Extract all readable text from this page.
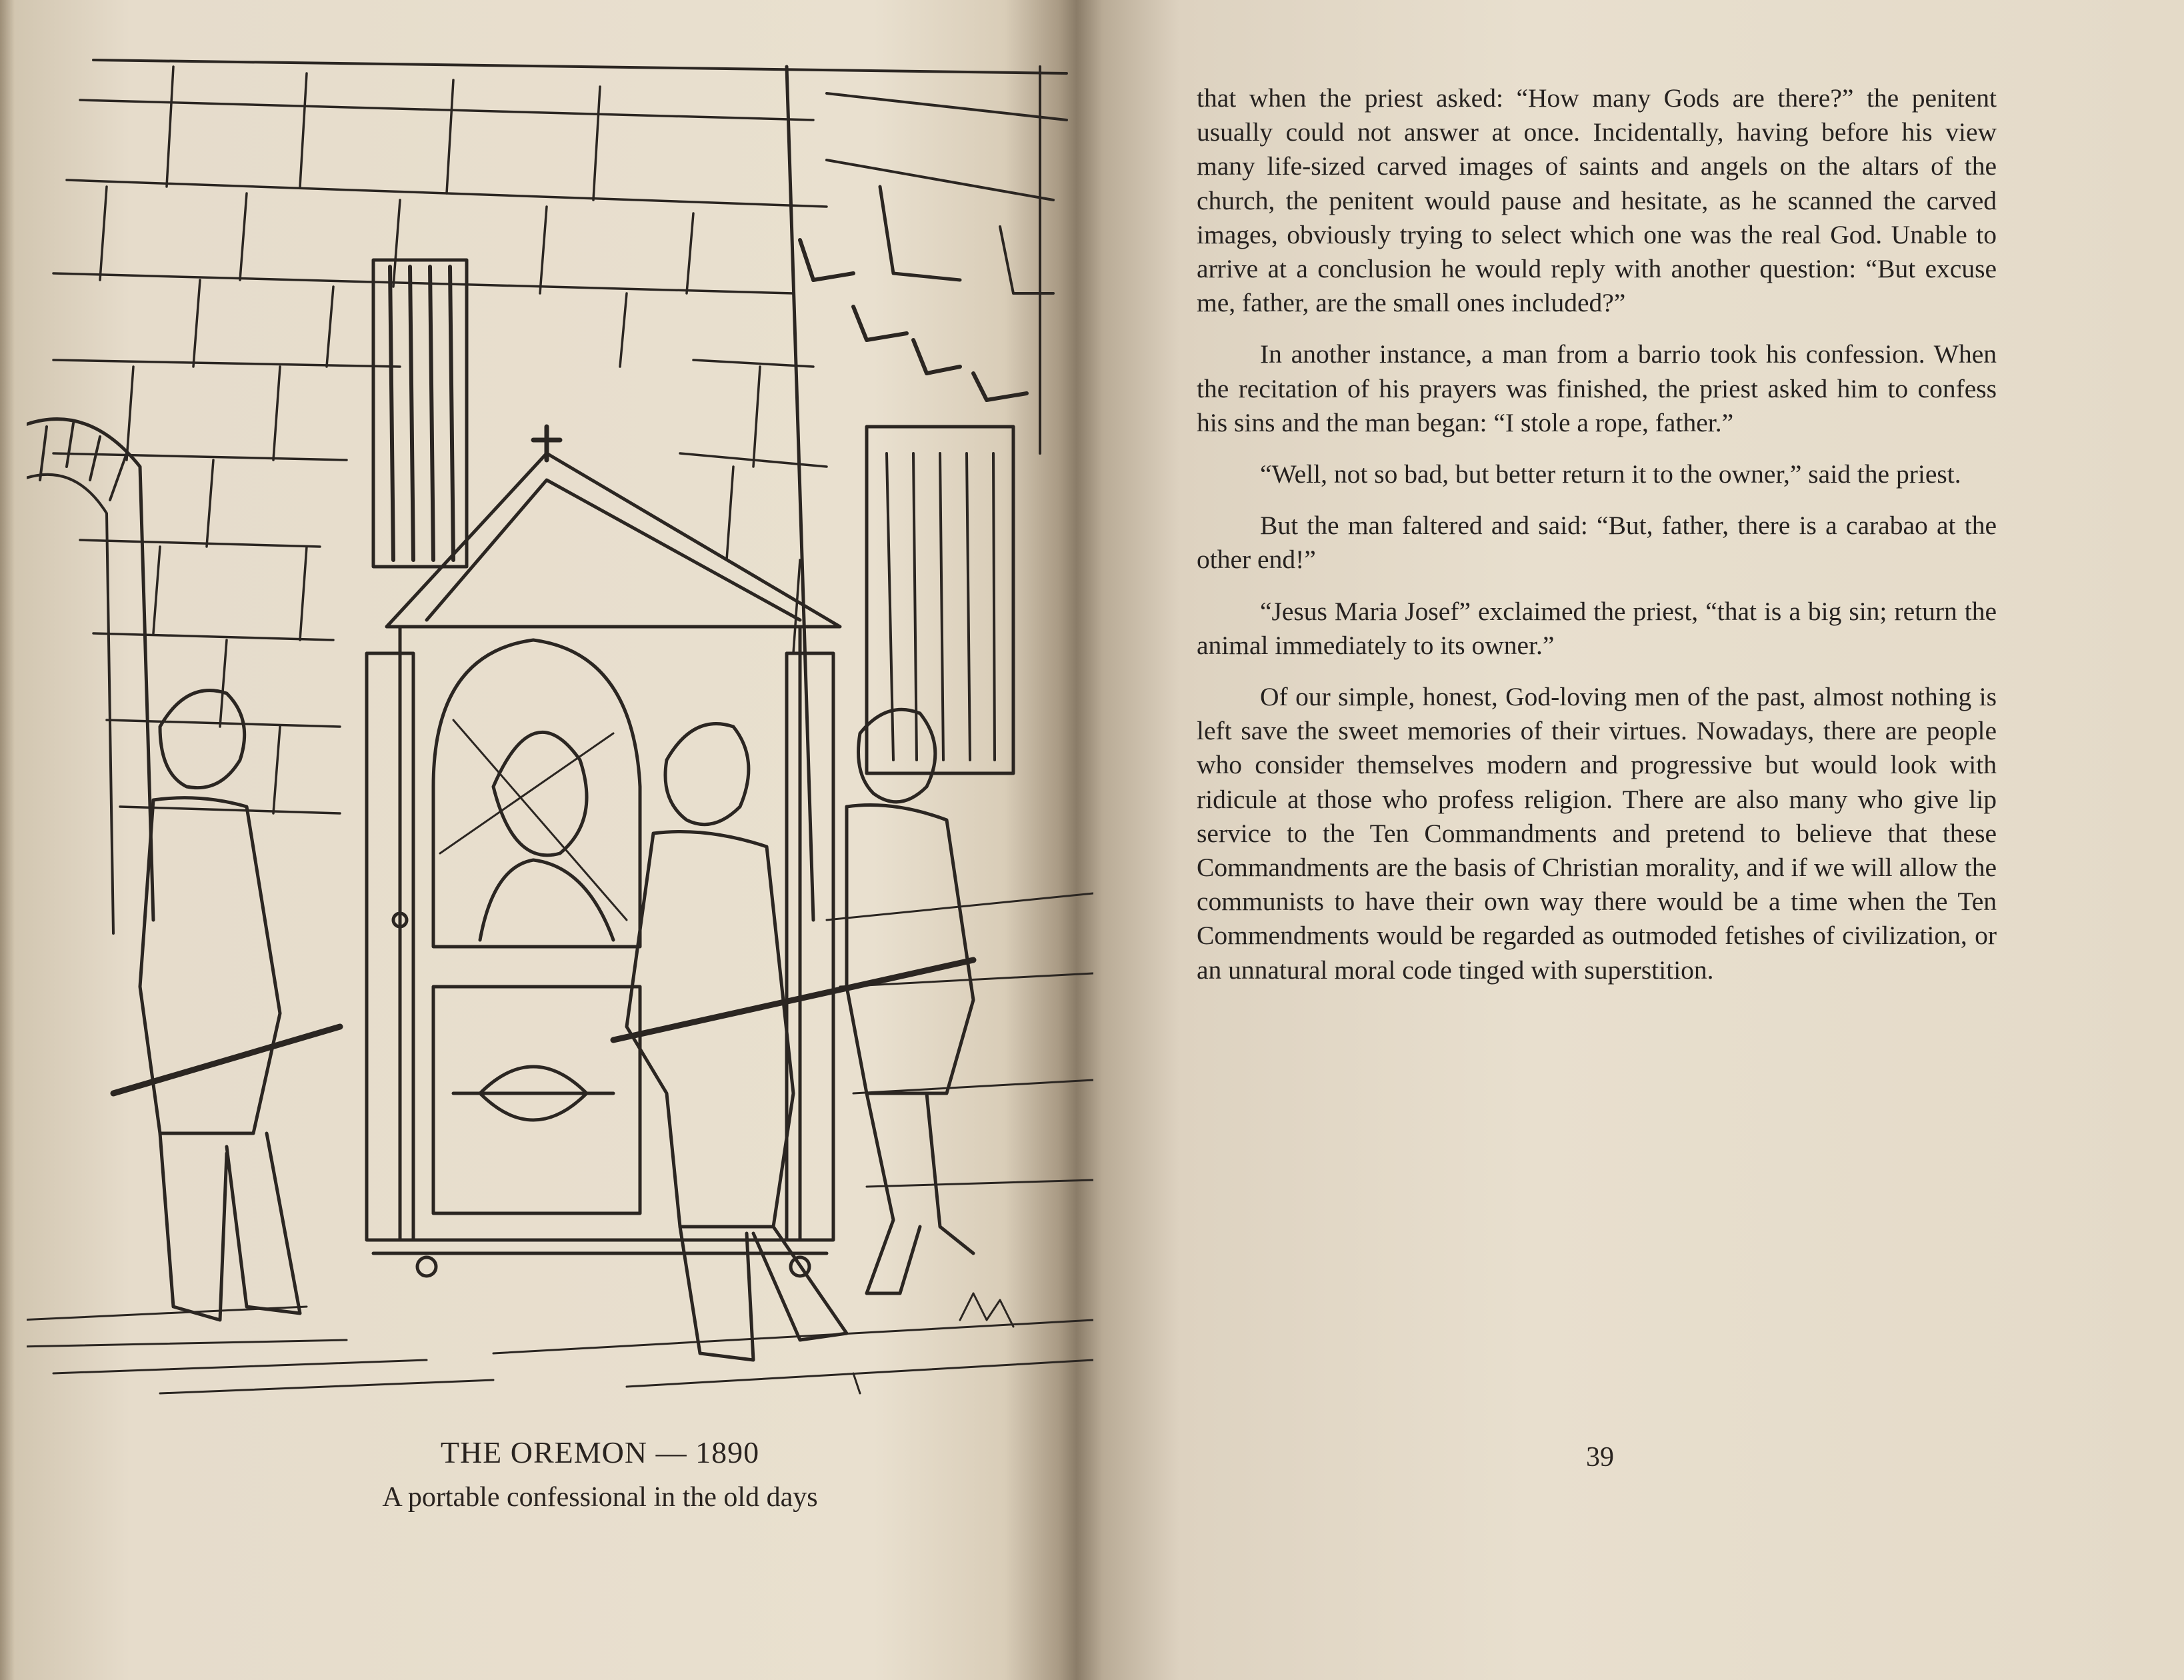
THE OREMON — 1890
A portable confessional in the old days

that when the priest asked: “How many Gods are there?” the penitent usually could not answer at once. Incidentally, having before his view many life-sized carved images of saints and angels on the altars of the church, the penitent would pause and hesitate, as he scanned the carved images, obviously trying to select which one was the real God. Unable to arrive at a conclusion he would reply with another question: “But excuse me, father, are the small ones included?”

In another instance, a man from a barrio took his confession. When the recitation of his prayers was finished, the priest asked him to confess his sins and the man began: “I stole a rope, father.”

“Well, not so bad, but better return it to the owner,” said the priest.

But the man faltered and said: “But, father, there is a carabao at the other end!”

“Jesus Maria Josef” exclaimed the priest, “that is a big sin; return the animal immediately to its owner.”

Of our simple, honest, God-loving men of the past, almost nothing is left save the sweet memories of their virtues. Nowadays, there are people who consider themselves modern and progressive but would look with ridicule at those who profess religion. There are also many who give lip service to the Ten Commandments and pretend to believe that these Commandments are the basis of Christian morality, and if we will allow the communists to have their own way there would be a time when the Ten Commendments would be regarded as outmoded fetishes of civilization, or an unnatural moral code tinged with superstition.

39
